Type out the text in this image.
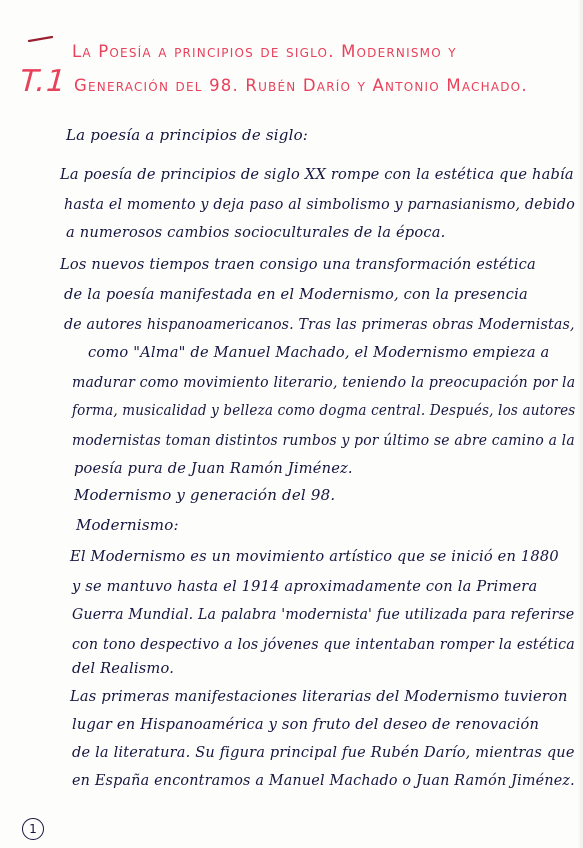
T.1
La Poesía a principios de siglo. Modernismo y
Generación del 98. Rubén Darío y Antonio Machado.
La poesía a principios de siglo:
La poesía de principios de siglo XX rompe con la estética que había
hasta el momento y deja paso al simbolismo y parnasianismo, debido
a numerosos cambios socioculturales de la época.
Los nuevos tiempos traen consigo una transformación estética
de la poesía manifestada en el Modernismo, con la presencia
de autores hispanoamericanos. Tras las primeras obras Modernistas,
como "Alma" de Manuel Machado, el Modernismo empieza a
madurar como movimiento literario, teniendo la preocupación por la
forma, musicalidad y belleza como dogma central. Después, los autores
modernistas toman distintos rumbos y por último se abre camino a la
poesía pura de Juan Ramón Jiménez.
Modernismo y generación del 98.
Modernismo:
El Modernismo es un movimiento artístico que se inició en 1880
y se mantuvo hasta el 1914 aproximadamente con la Primera
Guerra Mundial. La palabra 'modernista' fue utilizada para referirse
con tono despectivo a los jóvenes que intentaban romper la estética
del Realismo.
Las primeras manifestaciones literarias del Modernismo tuvieron
lugar en Hispanoamérica y son fruto del deseo de renovación
de la literatura. Su figura principal fue Rubén Darío, mientras que
en España encontramos a Manuel Machado o Juan Ramón Jiménez.
1
